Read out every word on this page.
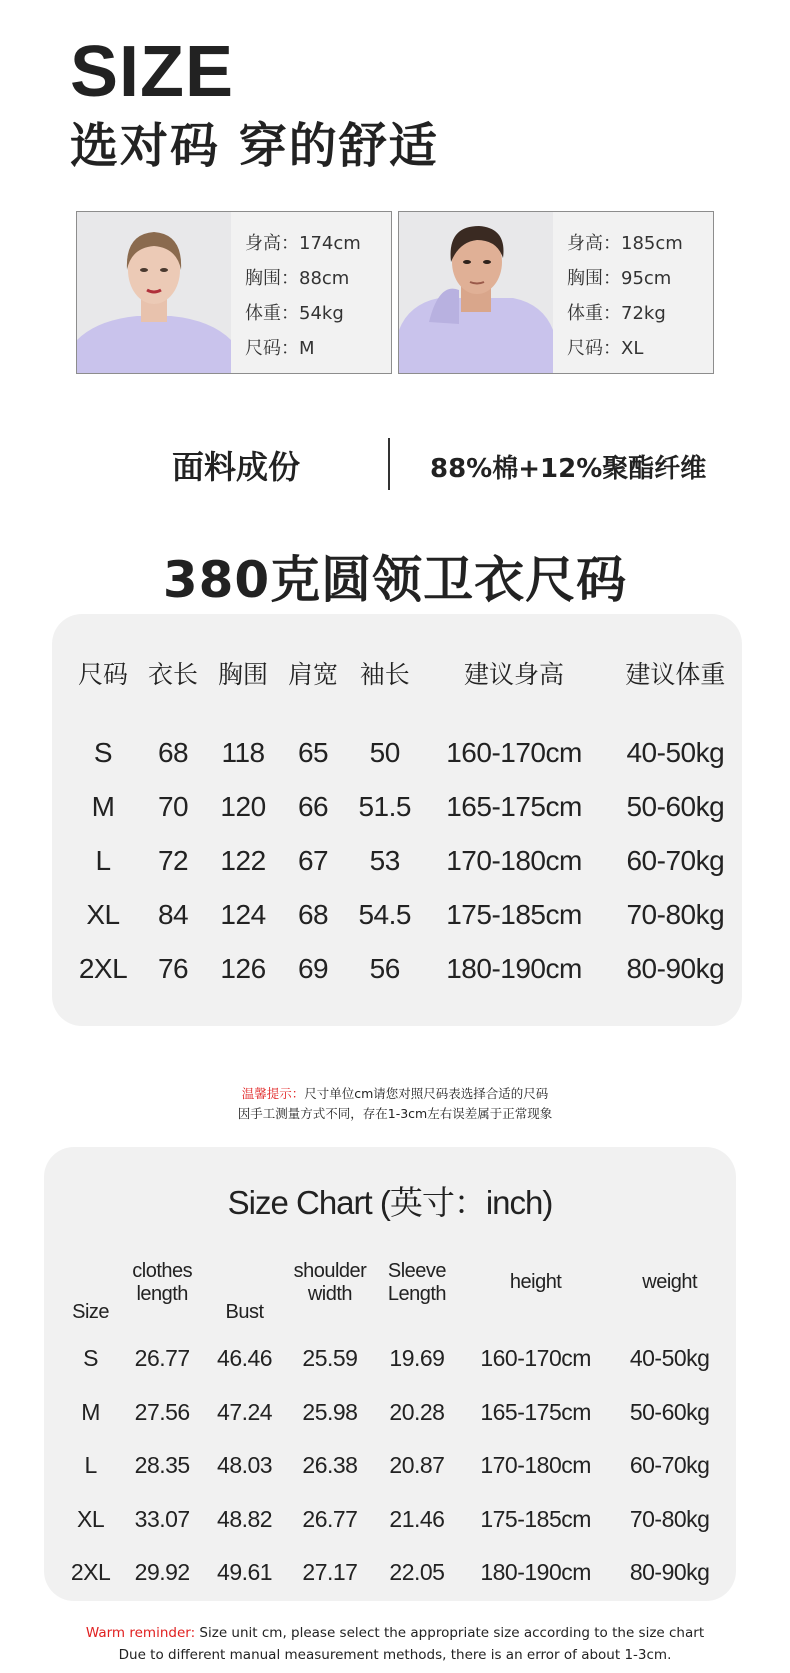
SIZE
选对码 穿的舒适
身高：174cm
胸围：88cm
体重：54kg
尺码：M
身高：185cm
胸围：95cm
体重：72kg
尺码：XL
面料成份	88%棉+12%聚酯纤维
380克圆领卫衣尺码
尺码	衣长	胸围	肩宽	袖长	建议身高	建议体重

S	68	118	65	50	160-170cm	40-50kg
M	70	120	66	51.5	165-175cm	50-60kg
L	72	122	67	53	170-180cm	60-70kg
XL	84	124	68	54.5	175-185cm	70-80kg
2XL	76	126	69	56	180-190cm	80-90kg
温馨提示：尺寸单位cm请您对照尺码表选择合适的尺码
因手工测量方式不同，存在1-3cm左右误差属于正常现象
Size Chart (英寸：inch)
Size	clothes length	Bust	shoulder width	Sleeve Length	height	weight
S	26.77	46.46	25.59	19.69	160-170cm	40-50kg
M	27.56	47.24	25.98	20.28	165-175cm	50-60kg
L	28.35	48.03	26.38	20.87	170-180cm	60-70kg
XL	33.07	48.82	26.77	21.46	175-185cm	70-80kg
2XL	29.92	49.61	27.17	22.05	180-190cm	80-90kg
Warm reminder: Size unit cm, please select the appropriate size according to the size chart
Due to different manual measurement methods, there is an error of about 1-3cm.
